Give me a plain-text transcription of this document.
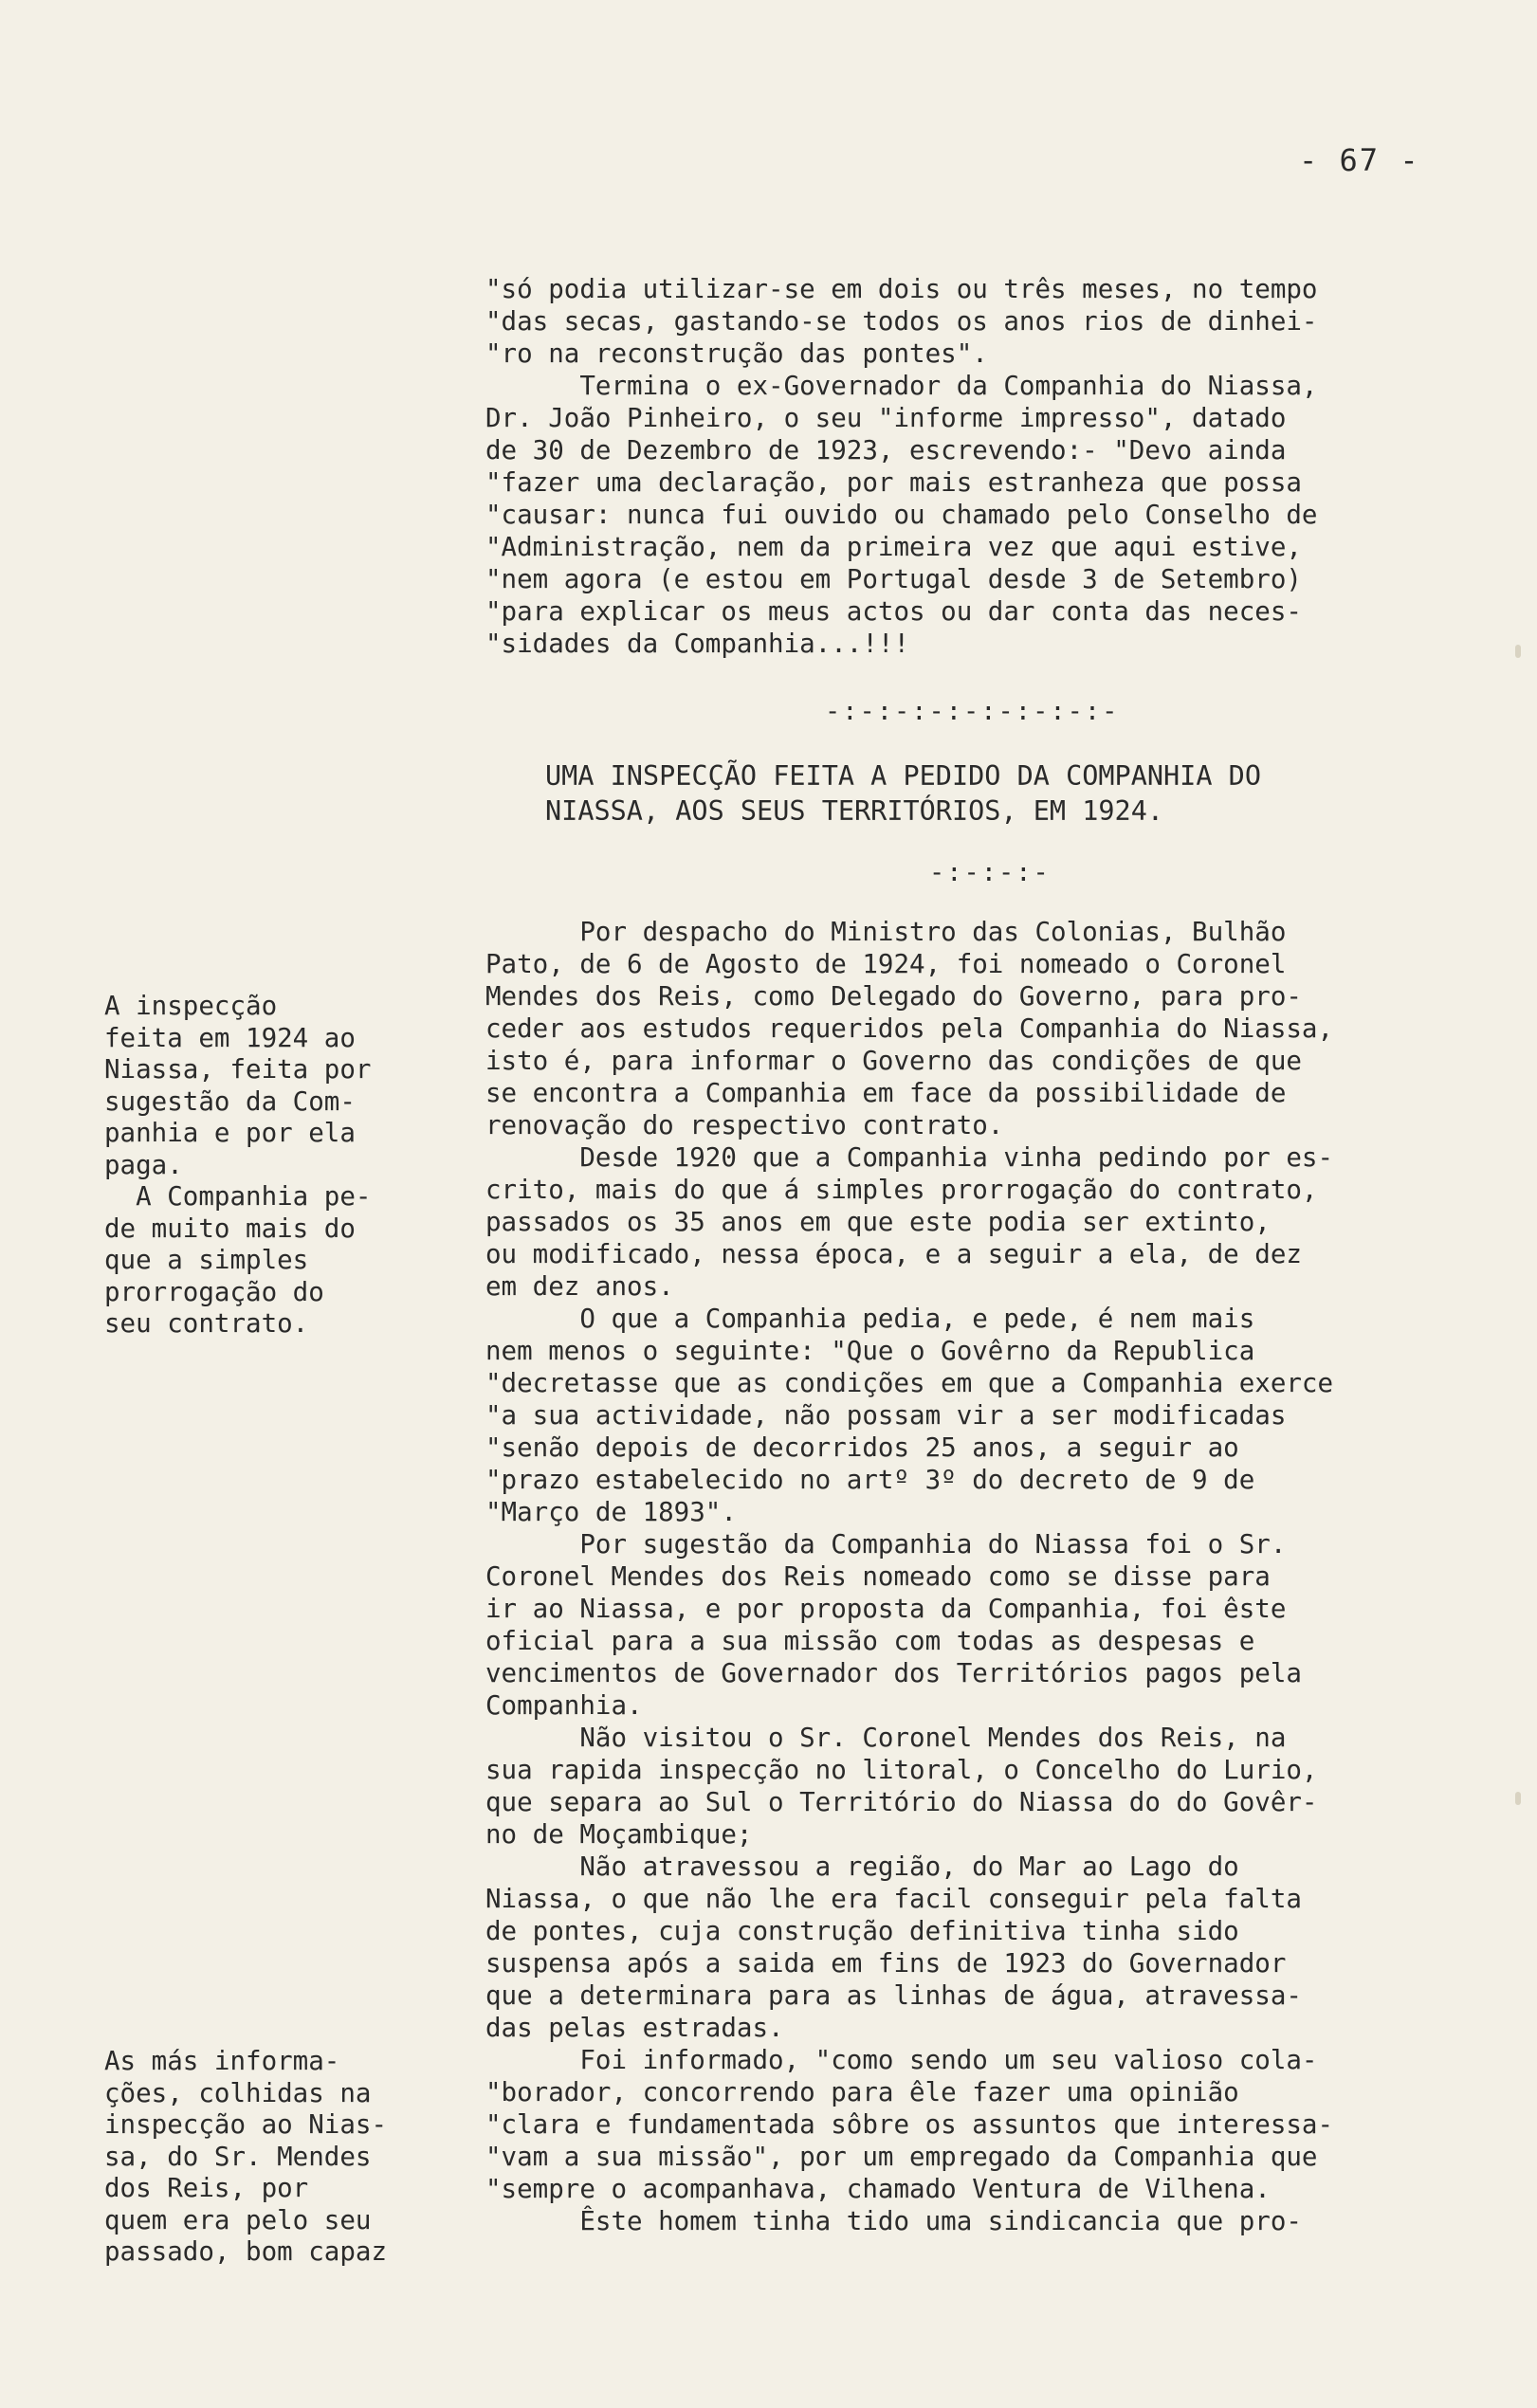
- 67 -
"só podia utilizar-se em dois ou três meses, no tempo
"das secas, gastando-se todos os anos rios de dinhei-
"ro na reconstrução das pontes".
Termina o ex-Governador da Companhia do Niassa,
Dr. João Pinheiro, o seu "informe impresso", datado
de 30 de Dezembro de 1923, escrevendo:- "Devo ainda
"fazer uma declaração, por mais estranheza que possa
"causar: nunca fui ouvido ou chamado pelo Conselho de
"Administração, nem da primeira vez que aqui estive,
"nem agora (e estou em Portugal desde 3 de Setembro)
"para explicar os meus actos ou dar conta das neces-
"sidades da Companhia...!!!
-:-:-:-:-:-:-:-:-
UMA INSPECÇÃO FEITA A PEDIDO DA COMPANHIA DO
NIASSA, AOS SEUS TERRITÓRIOS, EM 1924.
-:-:-:-
Por despacho do Ministro das Colonias, Bulhão
Pato, de 6 de Agosto de 1924, foi nomeado o Coronel
Mendes dos Reis, como Delegado do Governo, para pro-
ceder aos estudos requeridos pela Companhia do Niassa,
isto é, para informar o Governo das condições de que
se encontra a Companhia em face da possibilidade de
renovação do respectivo contrato.
Desde 1920 que a Companhia vinha pedindo por es-
crito, mais do que á simples prorrogação do contrato,
passados os 35 anos em que este podia ser extinto,
ou modificado, nessa época, e a seguir a ela, de dez
em dez anos.
O que a Companhia pedia, e pede, é nem mais
nem menos o seguinte: "Que o Govêrno da Republica
"decretasse que as condições em que a Companhia exerce
"a sua actividade, não possam vir a ser modificadas
"senão depois de decorridos 25 anos, a seguir ao
"prazo estabelecido no artº 3º do decreto de 9 de
"Março de 1893".
Por sugestão da Companhia do Niassa foi o Sr.
Coronel Mendes dos Reis nomeado como se disse para
ir ao Niassa, e por proposta da Companhia, foi êste
oficial para a sua missão com todas as despesas e
vencimentos de Governador dos Territórios pagos pela
Companhia.
Não visitou o Sr. Coronel Mendes dos Reis, na
sua rapida inspecção no litoral, o Concelho do Lurio,
que separa ao Sul o Território do Niassa do do Govêr-
no de Moçambique;
Não atravessou a região, do Mar ao Lago do
Niassa, o que não lhe era facil conseguir pela falta
de pontes, cuja construção definitiva tinha sido
suspensa após a saida em fins de 1923 do Governador
que a determinara para as linhas de água, atravessa-
das pelas estradas.
Foi informado, "como sendo um seu valioso cola-
"borador, concorrendo para êle fazer uma opinião
"clara e fundamentada sôbre os assuntos que interessa-
"vam a sua missão", por um empregado da Companhia que
"sempre o acompanhava, chamado Ventura de Vilhena.
Êste homem tinha tido uma sindicancia que pro-
A inspecção
feita em 1924 ao
Niassa, feita por
sugestão da Com-
panhia e por ela
paga.
A Companhia pe-
de muito mais do
que a simples
prorrogação do
seu contrato.
As más informa-
ções, colhidas na
inspecção ao Nias-
sa, do Sr. Mendes
dos Reis, por
quem era pelo seu
passado, bom capaz
